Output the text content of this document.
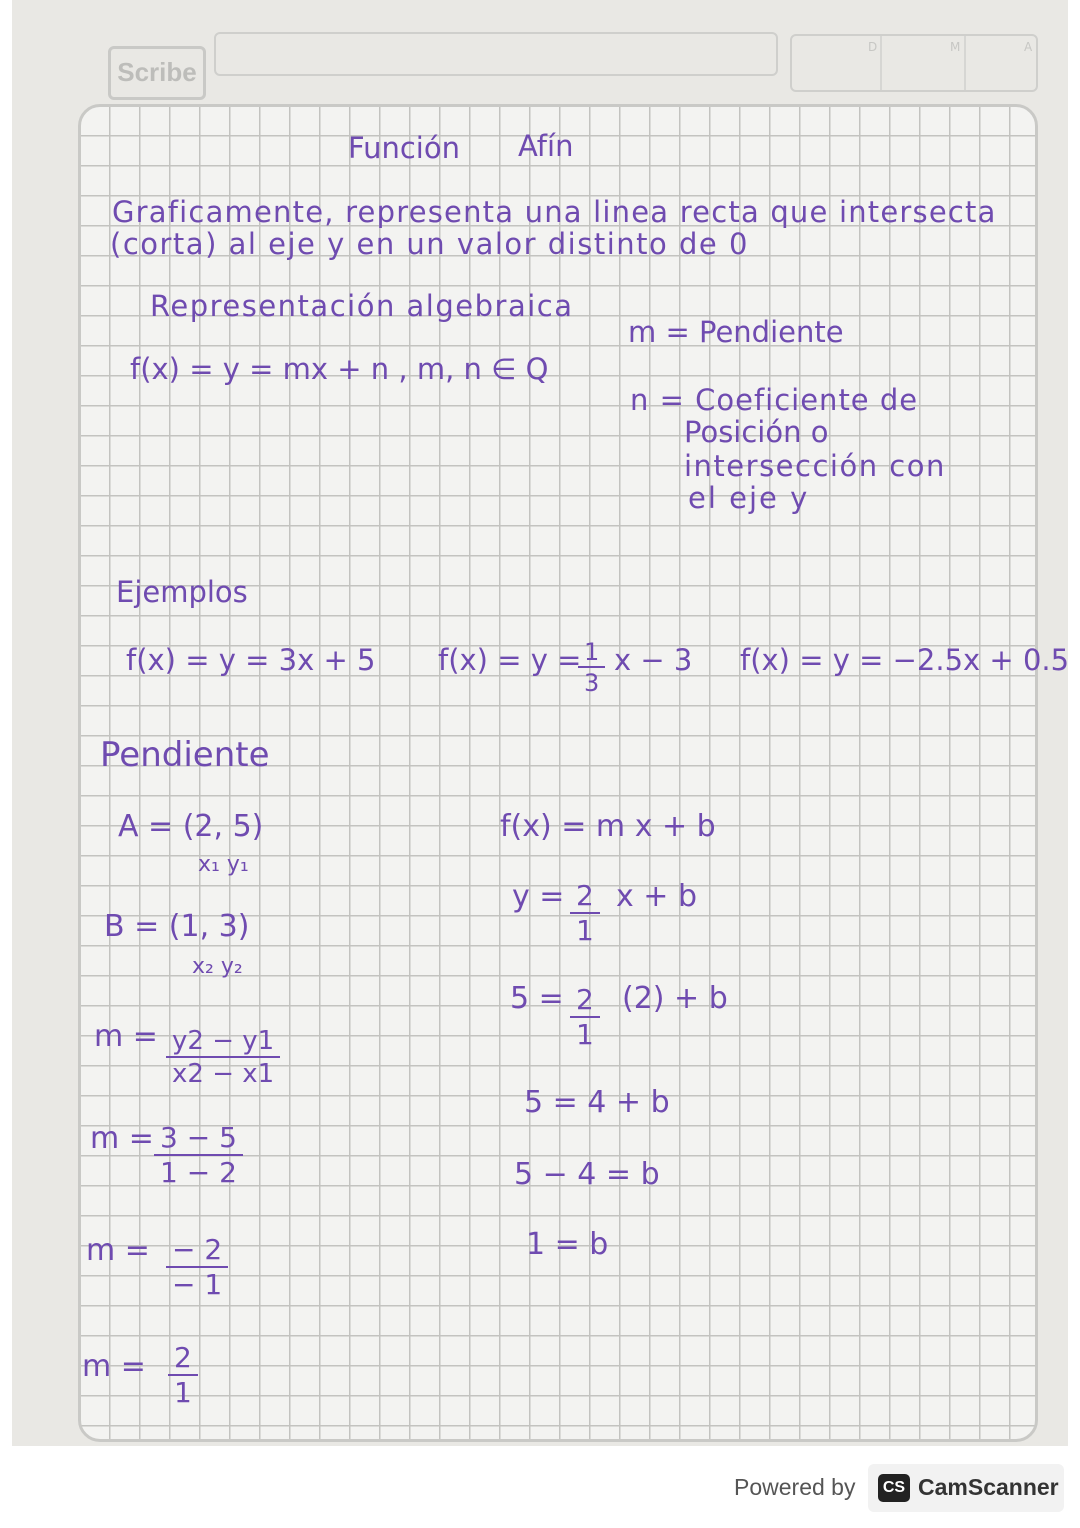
Scribe
D	M	A
Función Afín
Graficamente, representa una linea recta que intersecta
(corta) al eje y en un valor distinto de 0
Representación algebraica
f(x) = y = mx + n , m, n ∈ Q
m = Pendiente
n = Coeficiente de
Posición o
intersección con
el eje y
Ejemplos
f(x) = y = 3x + 5 f(x) = y =
$\frac{1}{3}$ x − 3 f(x) = y = −2.5x + 0.5
Pendiente
A = (2, 5)
x₁ y₁
B = (1, 3)
x₂ y₂
$m = \frac{y2 - y1}{x2 - x1}$
$m = \frac{3 - 5}{1 - 2}$
$m = \frac{- 2}{- 1}$
$m = \frac{2}{1}$
f(x) = m x + b
$y = \frac{2}{1}$ x + b
$5 = \frac{2}{1} (2) + b$
5 = 4 + b
5 − 4 = b
1 = b
Powered by	CS CamScanner
